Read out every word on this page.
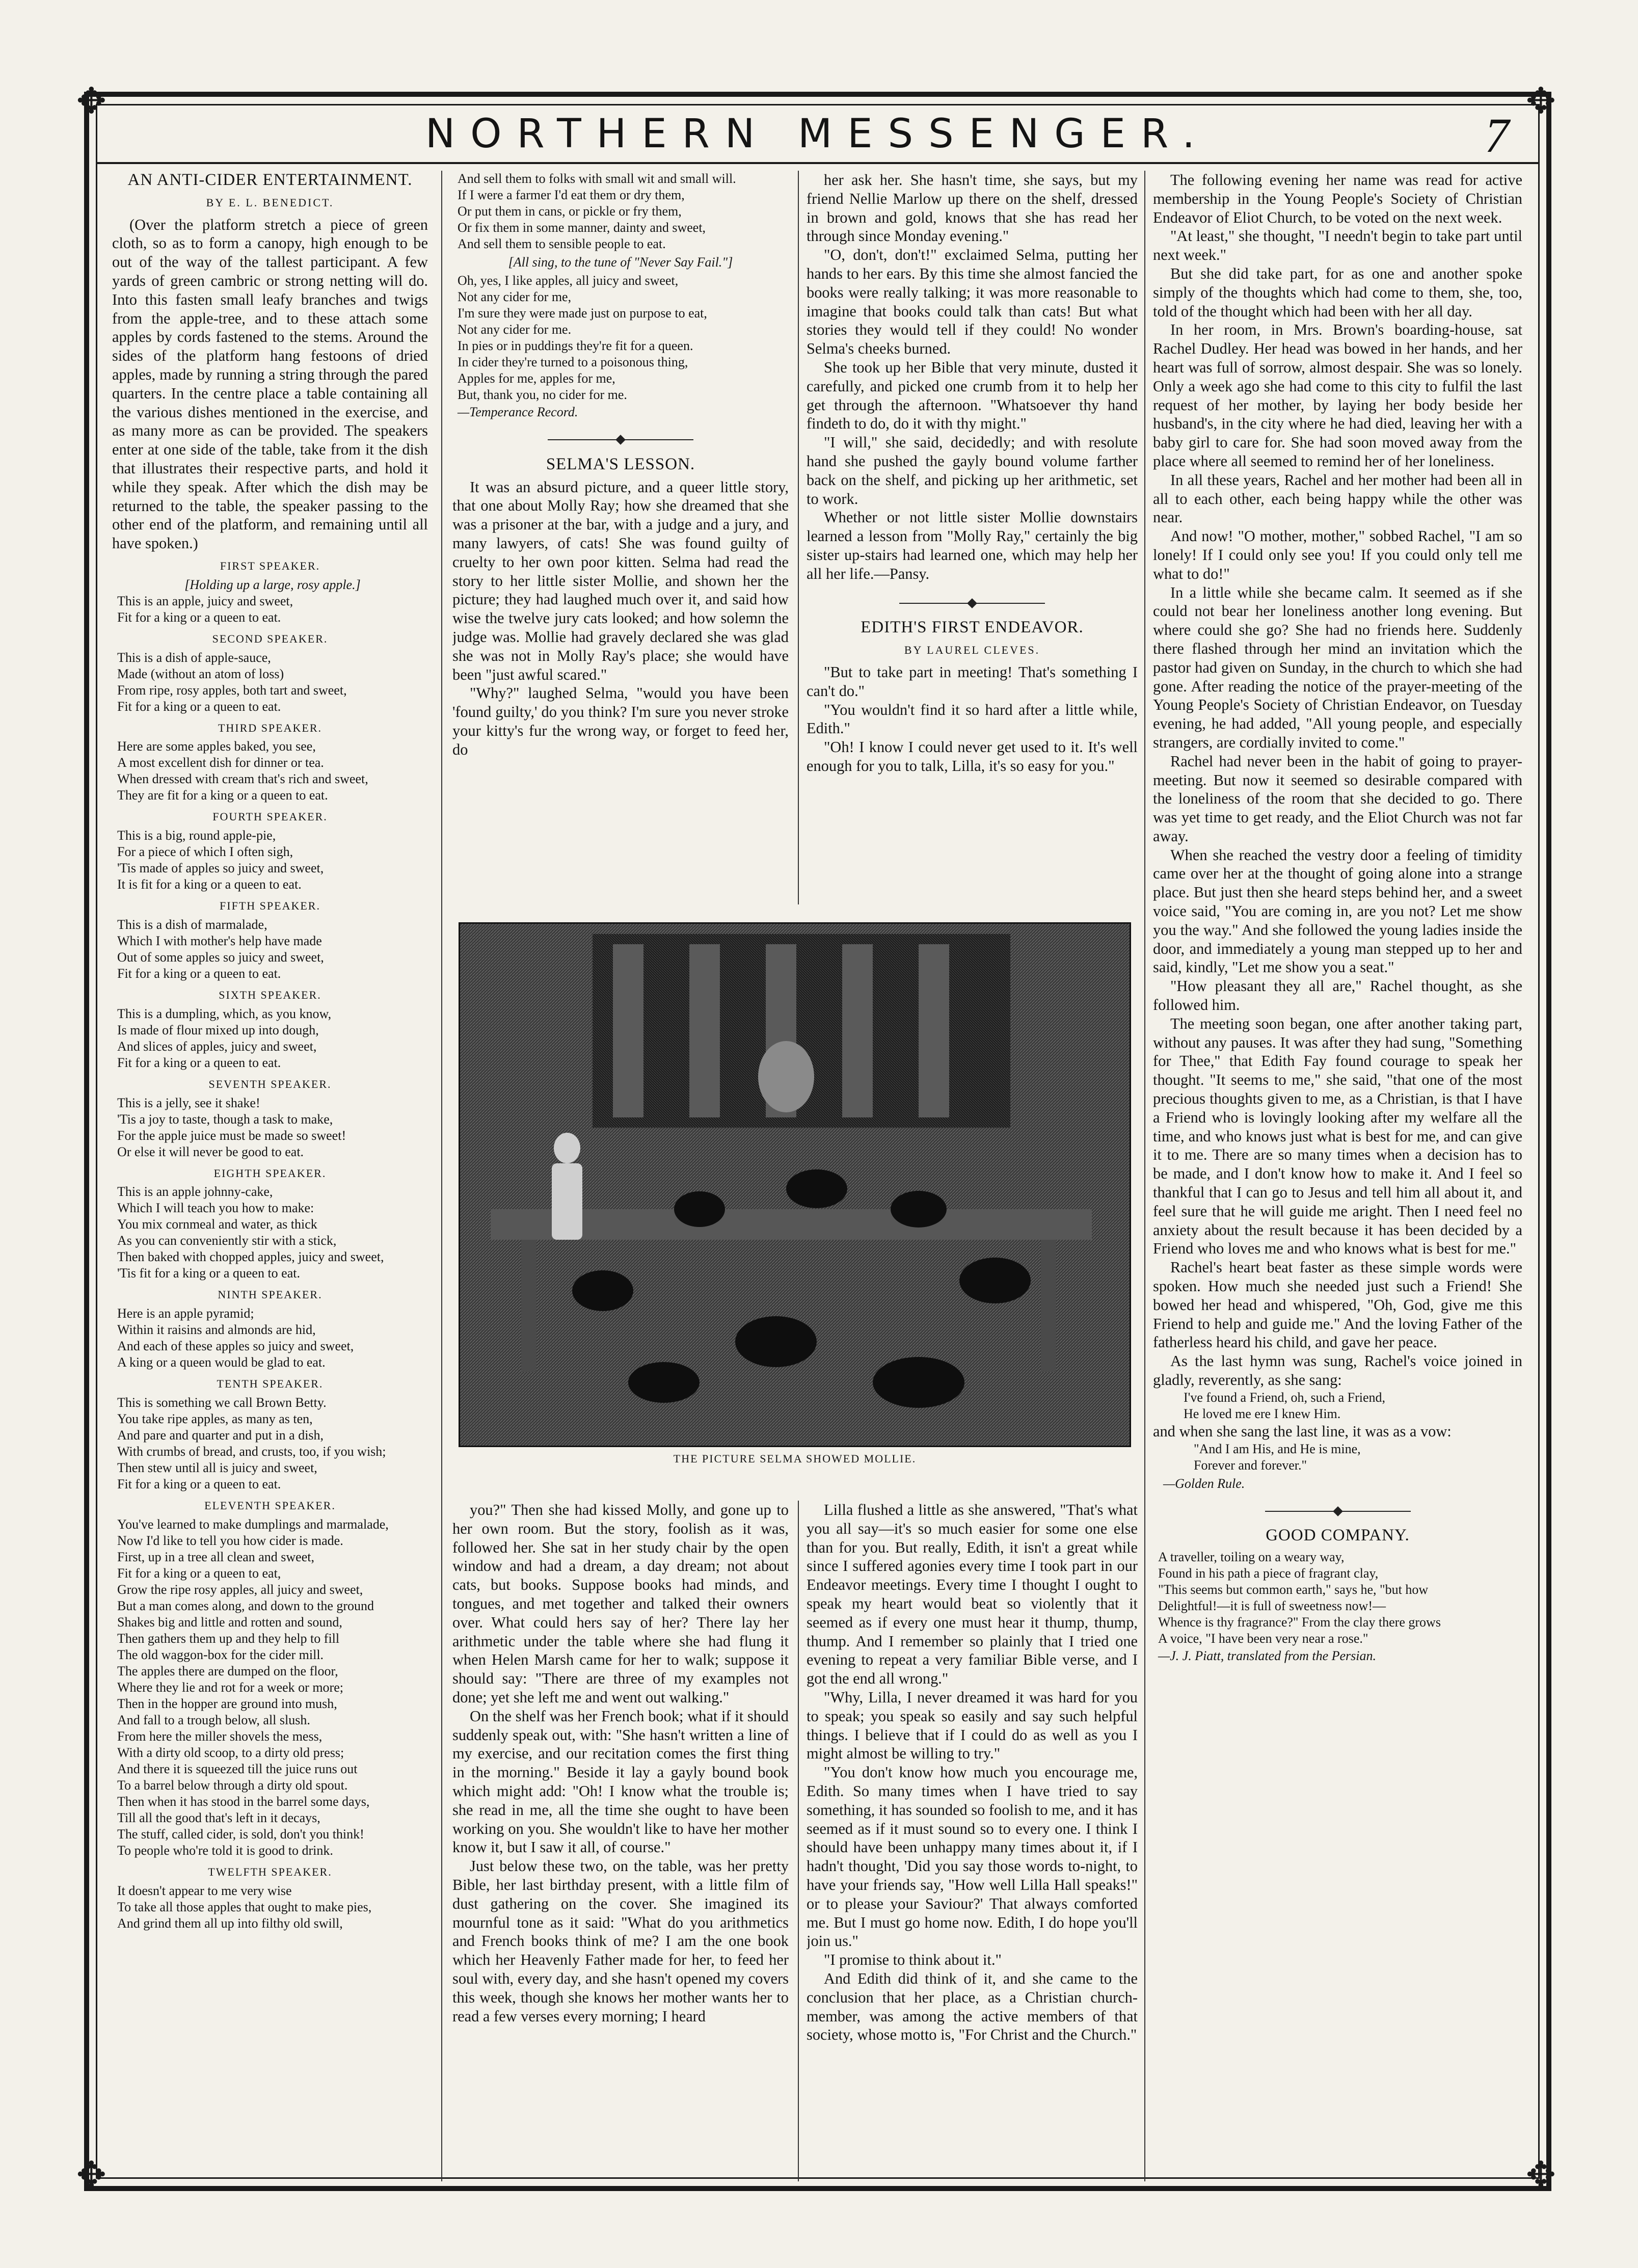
✥	✥
✥	✥
NORTHERN MESSENGER.	7
AN ANTI-CIDER ENTERTAINMENT.
BY E. L. BENEDICT.

(Over the platform stretch a piece of green cloth, so as to form a canopy, high enough to be out of the way of the tallest participant. A few yards of green cambric or strong netting will do. Into this fasten small leafy branches and twigs from the apple-tree, and to these attach some apples by cords fastened to the stems. Around the sides of the platform hang festoons of dried apples, made by running a string through the pared quarters. In the centre place a table containing all the various dishes mentioned in the exercise, and as many more as can be provided. The speakers enter at one side of the table, take from it the dish that illustrates their respective parts, and hold it while they speak. After which the dish may be returned to the table, the speaker passing to the other end of the platform, and remaining until all have spoken.)

FIRST SPEAKER.
[Holding up a large, rosy apple.]
This is an apple, juicy and sweet,
Fit for a king or a queen to eat.
SECOND SPEAKER.
This is a dish of apple-sauce,
Made (without an atom of loss)
From ripe, rosy apples, both tart and sweet,
Fit for a king or a queen to eat.
THIRD SPEAKER.
Here are some apples baked, you see,
A most excellent dish for dinner or tea.
When dressed with cream that's rich and sweet,
They are fit for a king or a queen to eat.
FOURTH SPEAKER.
This is a big, round apple-pie,
For a piece of which I often sigh,
'Tis made of apples so juicy and sweet,
It is fit for a king or a queen to eat.
FIFTH SPEAKER.
This is a dish of marmalade,
Which I with mother's help have made
Out of some apples so juicy and sweet,
Fit for a king or a queen to eat.
SIXTH SPEAKER.
This is a dumpling, which, as you know,
Is made of flour mixed up into dough,
And slices of apples, juicy and sweet,
Fit for a king or a queen to eat.
SEVENTH SPEAKER.
This is a jelly, see it shake!
'Tis a joy to taste, though a task to make,
For the apple juice must be made so sweet!
Or else it will never be good to eat.
EIGHTH SPEAKER.
This is an apple johnny-cake,
Which I will teach you how to make:
You mix cornmeal and water, as thick
As you can conveniently stir with a stick,
Then baked with chopped apples, juicy and sweet,
'Tis fit for a king or a queen to eat.
NINTH SPEAKER.
Here is an apple pyramid;
Within it raisins and almonds are hid,
And each of these apples so juicy and sweet,
A king or a queen would be glad to eat.
TENTH SPEAKER.
This is something we call Brown Betty.
You take ripe apples, as many as ten,
And pare and quarter and put in a dish,
With crumbs of bread, and crusts, too, if you wish;
Then stew until all is juicy and sweet,
Fit for a king or a queen to eat.
ELEVENTH SPEAKER.
You've learned to make dumplings and marmalade,
Now I'd like to tell you how cider is made.
First, up in a tree all clean and sweet,
Fit for a king or a queen to eat,
Grow the ripe rosy apples, all juicy and sweet,
But a man comes along, and down to the ground
Shakes big and little and rotten and sound,
Then gathers them up and they help to fill
The old waggon-box for the cider mill.
The apples there are dumped on the floor,
Where they lie and rot for a week or more;
Then in the hopper are ground into mush,
And fall to a trough below, all slush.
From here the miller shovels the mess,
With a dirty old scoop, to a dirty old press;
And there it is squeezed till the juice runs out
To a barrel below through a dirty old spout.
Then when it has stood in the barrel some days,
Till all the good that's left in it decays,
The stuff, called cider, is sold, don't you think!
To people who're told it is good to drink.
TWELFTH SPEAKER.
It doesn't appear to me very wise
To take all those apples that ought to make pies,
And grind them all up into filthy old swill,
And sell them to folks with small wit and small will.
If I were a farmer I'd eat them or dry them,
Or put them in cans, or pickle or fry them,
Or fix them in some manner, dainty and sweet,
And sell them to sensible people to eat.
[All sing, to the tune of "Never Say Fail."]
Oh, yes, I like apples, all juicy and sweet,
Not any cider for me,
I'm sure they were made just on purpose to eat,
Not any cider for me.
In pies or in puddings they're fit for a queen.
In cider they're turned to a poisonous thing,
Apples for me, apples for me,
But, thank you, no cider for me.
—Temperance Record.
SELMA'S LESSON.

It was an absurd picture, and a queer little story, that one about Molly Ray; how she dreamed that she was a prisoner at the bar, with a judge and a jury, and many lawyers, of cats! She was found guilty of cruelty to her own poor kitten. Selma had read the story to her little sister Mollie, and shown her the picture; they had laughed much over it, and said how wise the twelve jury cats looked; and how solemn the judge was. Mollie had gravely declared she was glad she was not in Molly Ray's place; she would have been "just awful scared."

"Why?" laughed Selma, "would you have been 'found guilty,' do you think? I'm sure you never stroke your kitty's fur the wrong way, or forget to feed her, do

her ask her. She hasn't time, she says, but my friend Nellie Marlow up there on the shelf, dressed in brown and gold, knows that she has read her through since Monday evening."

"O, don't, don't!" exclaimed Selma, putting her hands to her ears. By this time she almost fancied the books were really talking; it was more reasonable to imagine that books could talk than cats! But what stories they would tell if they could! No wonder Selma's cheeks burned.

She took up her Bible that very minute, dusted it carefully, and picked one crumb from it to help her get through the afternoon. "Whatsoever thy hand findeth to do, do it with thy might."

"I will," she said, decidedly; and with resolute hand she pushed the gayly bound volume farther back on the shelf, and picking up her arithmetic, set to work.

Whether or not little sister Mollie downstairs learned a lesson from "Molly Ray," certainly the big sister up-stairs had learned one, which may help her all her life.—Pansy.

EDITH'S FIRST ENDEAVOR.
BY LAUREL CLEVES.

"But to take part in meeting! That's something I can't do."

"You wouldn't find it so hard after a little while, Edith."

"Oh! I know I could never get used to it. It's well enough for you to talk, Lilla, it's so easy for you."

THE PICTURE SELMA SHOWED MOLLIE.

you?" Then she had kissed Molly, and gone up to her own room. But the story, foolish as it was, followed her. She sat in her study chair by the open window and had a dream, a day dream; not about cats, but books. Suppose books had minds, and tongues, and met together and talked their owners over. What could hers say of her? There lay her arithmetic under the table where she had flung it when Helen Marsh came for her to walk; suppose it should say: "There are three of my examples not done; yet she left me and went out walking."

On the shelf was her French book; what if it should suddenly speak out, with: "She hasn't written a line of my exercise, and our recitation comes the first thing in the morning." Beside it lay a gayly bound book which might add: "Oh! I know what the trouble is; she read in me, all the time she ought to have been working on you. She wouldn't like to have her mother know it, but I saw it all, of course."

Just below these two, on the table, was her pretty Bible, her last birthday present, with a little film of dust gathering on the cover. She imagined its mournful tone as it said: "What do you arithmetics and French books think of me? I am the one book which her Heavenly Father made for her, to feed her soul with, every day, and she hasn't opened my covers this week, though she knows her mother wants her to read a few verses every morning; I heard

Lilla flushed a little as she answered, "That's what you all say—it's so much easier for some one else than for you. But really, Edith, it isn't a great while since I suffered agonies every time I took part in our Endeavor meetings. Every time I thought I ought to speak my heart would beat so violently that it seemed as if every one must hear it thump, thump, thump. And I remember so plainly that I tried one evening to repeat a very familiar Bible verse, and I got the end all wrong."

"Why, Lilla, I never dreamed it was hard for you to speak; you speak so easily and say such helpful things. I believe that if I could do as well as you I might almost be willing to try."

"You don't know how much you encourage me, Edith. So many times when I have tried to say something, it has sounded so foolish to me, and it has seemed as if it must sound so to every one. I think I should have been unhappy many times about it, if I hadn't thought, 'Did you say those words to-night, to have your friends say, "How well Lilla Hall speaks!" or to please your Saviour?' That always comforted me. But I must go home now. Edith, I do hope you'll join us."

"I promise to think about it."

And Edith did think of it, and she came to the conclusion that her place, as a Christian church-member, was among the active members of that society, whose motto is, "For Christ and the Church."

The following evening her name was read for active membership in the Young People's Society of Christian Endeavor of Eliot Church, to be voted on the next week.

"At least," she thought, "I needn't begin to take part until next week."

But she did take part, for as one and another spoke simply of the thoughts which had come to them, she, too, told of the thought which had been with her all day.

In her room, in Mrs. Brown's boarding-house, sat Rachel Dudley. Her head was bowed in her hands, and her heart was full of sorrow, almost despair. She was so lonely. Only a week ago she had come to this city to fulfil the last request of her mother, by laying her body beside her husband's, in the city where he had died, leaving her with a baby girl to care for. She had soon moved away from the place where all seemed to remind her of her loneliness.

In all these years, Rachel and her mother had been all in all to each other, each being happy while the other was near.

And now! "O mother, mother," sobbed Rachel, "I am so lonely! If I could only see you! If you could only tell me what to do!"

In a little while she became calm. It seemed as if she could not bear her loneliness another long evening. But where could she go? She had no friends here. Suddenly there flashed through her mind an invitation which the pastor had given on Sunday, in the church to which she had gone. After reading the notice of the prayer-meeting of the Young People's Society of Christian Endeavor, on Tuesday evening, he had added, "All young people, and especially strangers, are cordially invited to come."

Rachel had never been in the habit of going to prayer-meeting. But now it seemed so desirable compared with the loneliness of the room that she decided to go. There was yet time to get ready, and the Eliot Church was not far away.

When she reached the vestry door a feeling of timidity came over her at the thought of going alone into a strange place. But just then she heard steps behind her, and a sweet voice said, "You are coming in, are you not? Let me show you the way." And she followed the young ladies inside the door, and immediately a young man stepped up to her and said, kindly, "Let me show you a seat."

"How pleasant they all are," Rachel thought, as she followed him.

The meeting soon began, one after another taking part, without any pauses. It was after they had sung, "Something for Thee," that Edith Fay found courage to speak her thought. "It seems to me," she said, "that one of the most precious thoughts given to me, as a Christian, is that I have a Friend who is lovingly looking after my welfare all the time, and who knows just what is best for me, and can give it to me. There are so many times when a decision has to be made, and I don't know how to make it. And I feel so thankful that I can go to Jesus and tell him all about it, and feel sure that he will guide me aright. Then I need feel no anxiety about the result because it has been decided by a Friend who loves me and who knows what is best for me."

Rachel's heart beat faster as these simple words were spoken. How much she needed just such a Friend! She bowed her head and whispered, "Oh, God, give me this Friend to help and guide me." And the loving Father of the fatherless heard his child, and gave her peace.

As the last hymn was sung, Rachel's voice joined in gladly, reverently, as she sang:

I've found a Friend, oh, such a Friend,
He loved me ere I knew Him.

and when she sang the last line, it was as a vow:

"And I am His, and He is mine,
Forever and forever."
—Golden Rule.
GOOD COMPANY.
A traveller, toiling on a weary way,
Found in his path a piece of fragrant clay,
"This seems but common earth," says he, "but how
Delightful!—it is full of sweetness now!—
Whence is thy fragrance?" From the clay there grows
A voice, "I have been very near a rose."
—J. J. Piatt, translated from the Persian.
